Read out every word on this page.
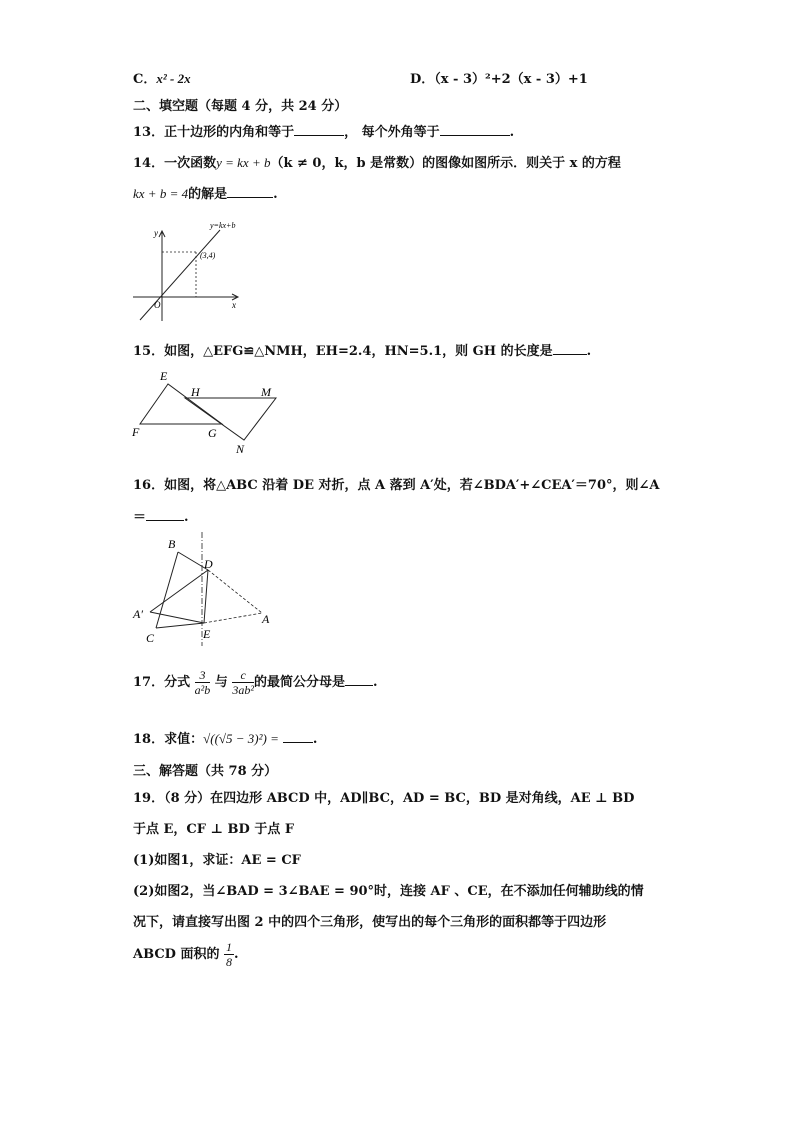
C．x² - 2x	D．（x - 3）²+2（x - 3）+1
二、填空题（每题 4 分，共 24 分）
13．正十边形的内角和等于	， 每个外角等于	.
14．一次函数y = kx + b（k ≠ 0，k，b 是常数）的图像如图所示．则关于 x 的方程
kx + b = 4的解是	.
y=kx+b
(3,4)
y
x
O
15．如图，△EFG≌△NMH，EH=2.4，HN=5.1，则 GH 的长度是	.
E
H	M
F	G
N
16．如图，将△ABC 沿着 DE 对折，点 A 落到 A′处，若∠BDA′+∠CEA′＝70°，则∠A
＝	.
B
D
A′	A
C	E
17．分式 $\frac{3}{\text{a²b}}$ 与 $\frac{c}{\text{3ab²}}$ 的最简公分母是 .
18．求值：√((√5 − 3)²) =	.
三、解答题（共 78 分）
19．（8 分）在四边形 ABCD 中，AD∥BC，AD = BC，BD 是对角线，AE ⊥ BD
于点 E，CF ⊥ BD 于点 F
(1)如图1，求证：AE = CF
(2)如图2，当∠BAD = 3∠BAE = 90°时，连接 AF 、CE，在不添加任何辅助线的情
况下，请直接写出图 2 中的四个三角形，使写出的每个三角形的面积都等于四边形
ABCD 面积的 $\frac{1}{8}$ .
